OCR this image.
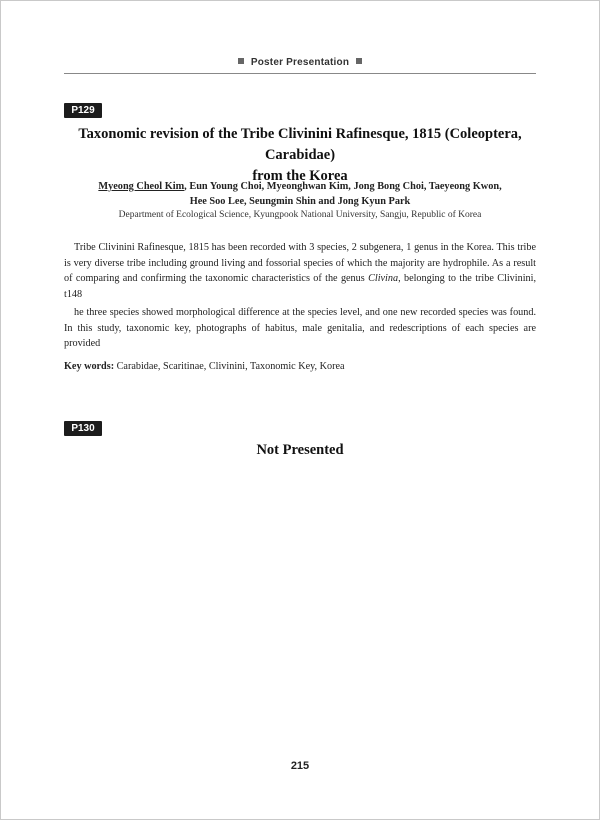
Poster Presentation
P129
Taxonomic revision of the Tribe Clivinini Rafinesque, 1815 (Coleoptera, Carabidae)
from the Korea
Myeong Cheol Kim, Eun Young Choi, Myeonghwan Kim, Jong Bong Choi, Taeyeong Kwon,
Hee Soo Lee, Seungmin Shin and Jong Kyun Park
Department of Ecological Science, Kyungpook National University, Sangju, Republic of Korea

Tribe Clivinini Rafinesque, 1815 has been recorded with 3 species, 2 subgenera, 1 genus in the Korea. This tribe is very diverse tribe including ground living and fossorial species of which the majority are hydrophile. As a result of comparing and confirming the taxonomic characteristics of the genus Clivina, belonging to the tribe Clivinini, t148

he three species showed morphological difference at the species level, and one new recorded species was found. In this study, taxonomic key, photographs of habitus, male genitalia, and redescriptions of each species are provided

Key words: Carabidae, Scaritinae, Clivinini, Taxonomic Key, Korea
P130
Not Presented
215
